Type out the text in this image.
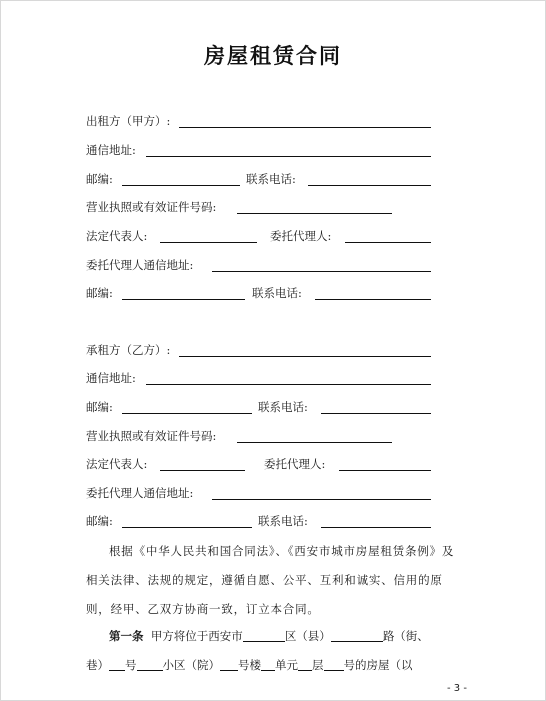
房屋租赁合同
出租方（甲方）:
通信地址:
邮编:	联系电话:
营业执照或有效证件号码:
法定代表人:	委托代理人:
委托代理人通信地址:
邮编:	联系电话:
承租方（乙方）:
通信地址:
邮编:	联系电话:
营业执照或有效证件号码:
法定代表人:	委托代理人:
委托代理人通信地址:
邮编:	联系电话:
根据《中华人民共和国合同法》、《西安市城市房屋租赁条例》及相关法律、法规的规定，遵循自愿、公平、互利和诚实、信用的原则，经甲、乙双方协商一致，订立本合同。
第一条 甲方将位于西安市	区（县）	路（街、
巷） 号 小区（院） 号楼 单元 层 号的房屋（以
- 3 -
